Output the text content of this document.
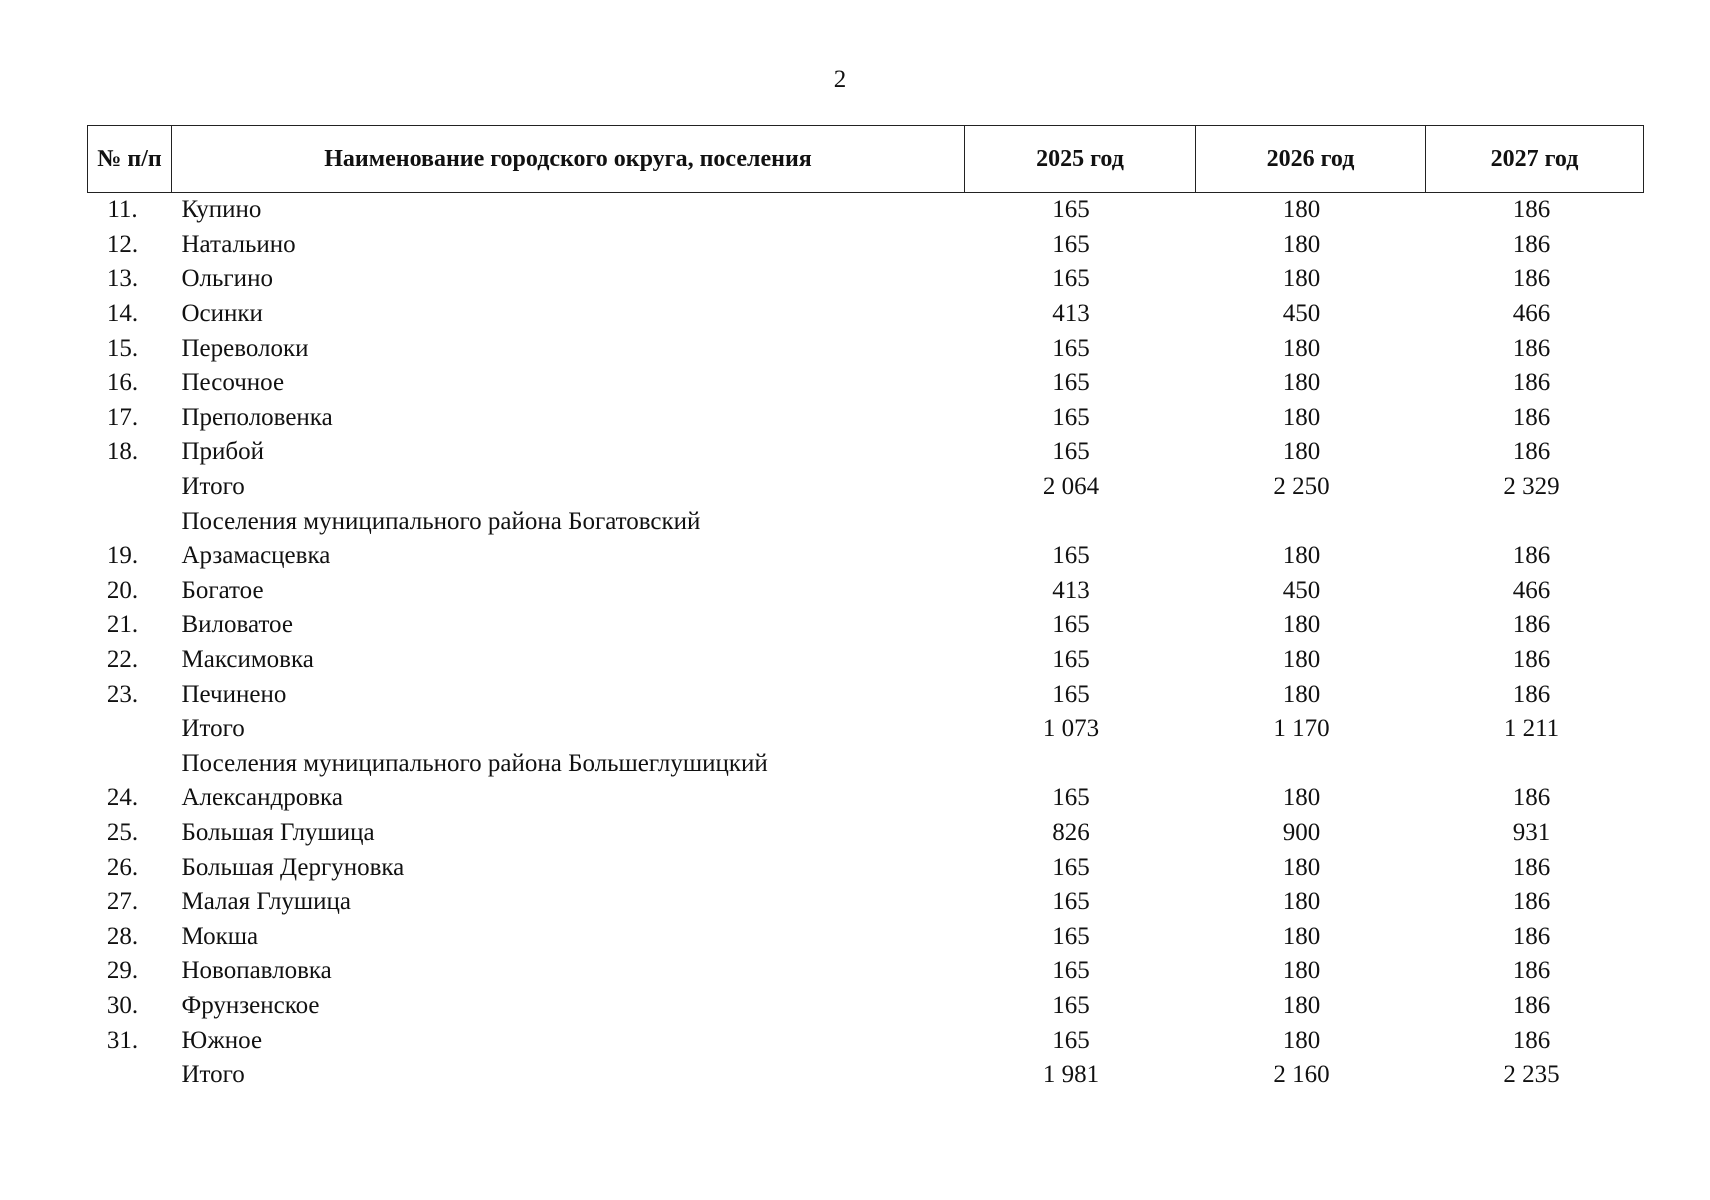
2
№ п/п	Наименование городского округа, поселения	2025 год	2026 год	2027 год
11.	Купино	165	180	186
12.	Натальино	165	180	186
13.	Ольгино	165	180	186
14.	Осинки	413	450	466
15.	Переволоки	165	180	186
16.	Песочное	165	180	186
17.	Преполовенка	165	180	186
18.	Прибой	165	180	186
	Итого	2 064	2 250	2 329
	Поселения муниципального района Богатовский			
19.	Арзамасцевка	165	180	186
20.	Богатое	413	450	466
21.	Виловатое	165	180	186
22.	Максимовка	165	180	186
23.	Печинено	165	180	186
	Итого	1 073	1 170	1 211
	Поселения муниципального района Большеглушицкий			
24.	Александровка	165	180	186
25.	Большая Глушица	826	900	931
26.	Большая Дергуновка	165	180	186
27.	Малая Глушица	165	180	186
28.	Мокша	165	180	186
29.	Новопавловка	165	180	186
30.	Фрунзенское	165	180	186
31.	Южное	165	180	186
	Итого	1 981	2 160	2 235
